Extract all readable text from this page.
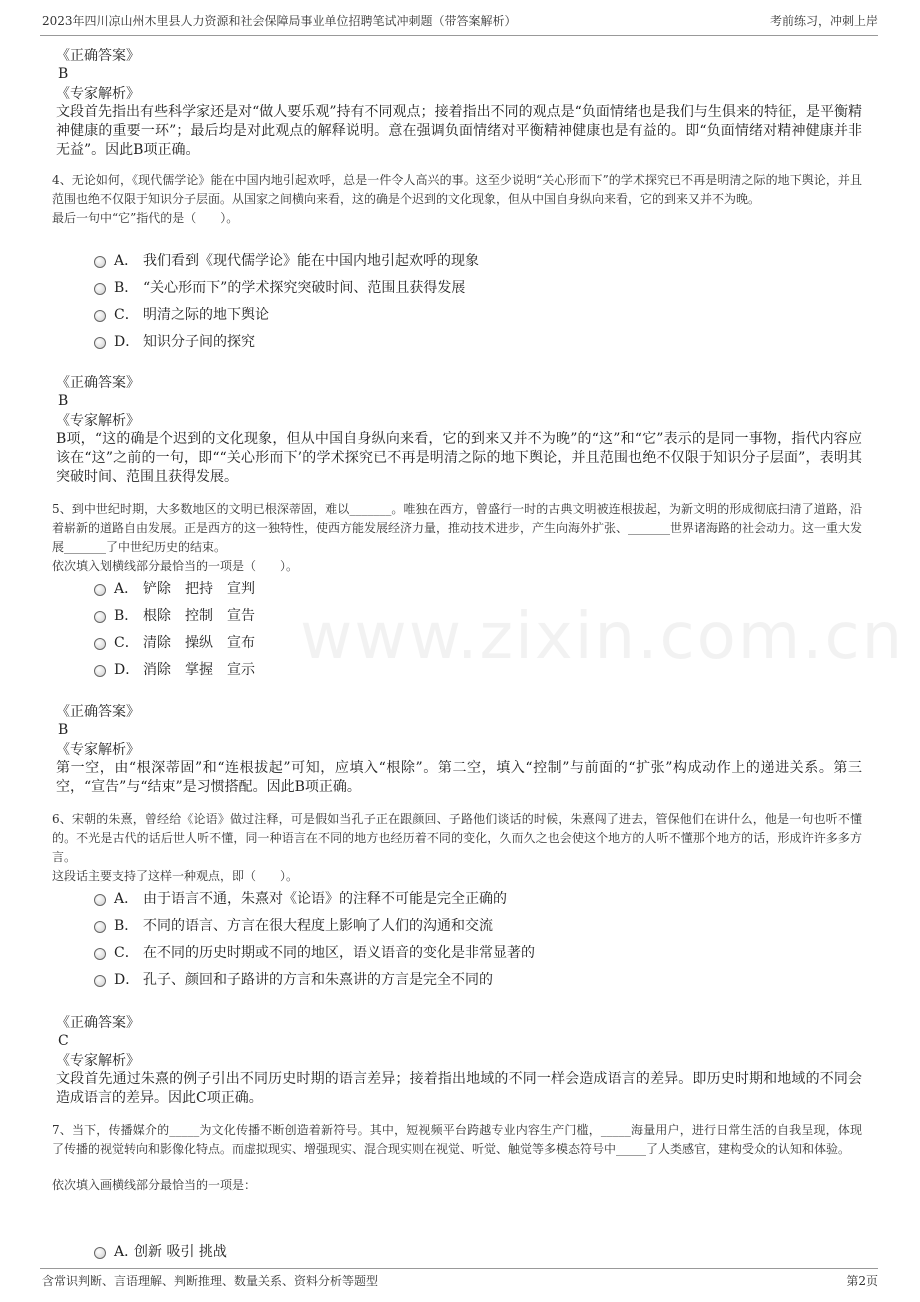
2023年四川凉山州木里县人力资源和社会保障局事业单位招聘笔试冲刺题（带答案解析）	考前练习，冲刺上岸
www.zixin.com.cn
《正确答案》
B
《专家解析》
文段首先指出有些科学家还是对“做人要乐观”持有不同观点；接着指出不同的观点是“负面情绪也是我们与生俱来的特征，是平衡精神健康的重要一环”；最后均是对此观点的解释说明。意在强调负面情绪对平衡精神健康也是有益的。即“负面情绪对精神健康并非无益”。因此B项正确。
4、无论如何，《现代儒学论》能在中国内地引起欢呼，总是一件令人高兴的事。这至少说明“关心形而下”的学术探究已不再是明清之际的地下舆论，并且范围也绝不仅限于知识分子层面。从国家之间横向来看，这的确是个迟到的文化现象，但从中国自身纵向来看，它的到来又并不为晚。
最后一句中“它”指代的是（　　）。
A． 我们看到《现代儒学论》能在中国内地引起欢呼的现象
B． “关心形而下”的学术探究突破时间、范围且获得发展
C． 明清之际的地下舆论
D． 知识分子间的探究
《正确答案》
B
《专家解析》
B项，“这的确是个迟到的文化现象，但从中国自身纵向来看，它的到来又并不为晚”的“这”和“它”表示的是同一事物，指代内容应该在“这”之前的一句，即““关心形而下’的学术探究已不再是明清之际的地下舆论，并且范围也绝不仅限于知识分子层面”，表明其突破时间、范围且获得发展。
5、到中世纪时期，大多数地区的文明已根深蒂固，难以_______。唯独在西方，曾盛行一时的古典文明被连根拔起，为新文明的形成彻底扫清了道路，沿着崭新的道路自由发展。正是西方的这一独特性，使西方能发展经济力量，推动技术进步，产生向海外扩张、_______世界诸海路的社会动力。这一重大发展_______了中世纪历史的结束。
依次填入划横线部分最恰当的一项是（　　）。
A． 铲除　把持　宣判
B． 根除　控制　宣告
C． 清除　操纵　宣布
D． 消除　掌握　宣示
《正确答案》
B
《专家解析》
第一空，由“根深蒂固”和“连根拔起”可知，应填入“根除”。第二空，填入“控制”与前面的“扩张”构成动作上的递进关系。第三空，“宣告”与“结束”是习惯搭配。因此B项正确。
6、宋朝的朱熹，曾经给《论语》做过注释，可是假如当孔子正在跟颜回、子路他们谈话的时候，朱熹闯了进去，管保他们在讲什么，他是一句也听不懂的。不光是古代的话后世人听不懂，同一种语言在不同的地方也经历着不同的变化，久而久之也会使这个地方的人听不懂那个地方的话，形成许许多多方言。
这段话主要支持了这样一种观点，即（　　）。
A． 由于语言不通，朱熹对《论语》的注释不可能是完全正确的
B． 不同的语言、方言在很大程度上影响了人们的沟通和交流
C． 在不同的历史时期或不同的地区，语义语音的变化是非常显著的
D． 孔子、颜回和子路讲的方言和朱熹讲的方言是完全不同的
《正确答案》
C
《专家解析》
文段首先通过朱熹的例子引出不同历史时期的语言差异；接着指出地域的不同一样会造成语言的差异。即历史时期和地域的不同会造成语言的差异。因此C项正确。
7、当下，传播媒介的_____为文化传播不断创造着新符号。其中，短视频平台跨越专业内容生产门槛，_____海量用户，进行日常生活的自我呈现，体现了传播的视觉转向和影像化特点。而虚拟现实、增强现实、混合现实则在视觉、听觉、触觉等多模态符号中_____了人类感官，建构受众的认知和体验。
依次填入画横线部分最恰当的一项是：
A．
创新 吸引 挑战
含常识判断、言语理解、判断推理、数量关系、资料分析等题型	第2页
